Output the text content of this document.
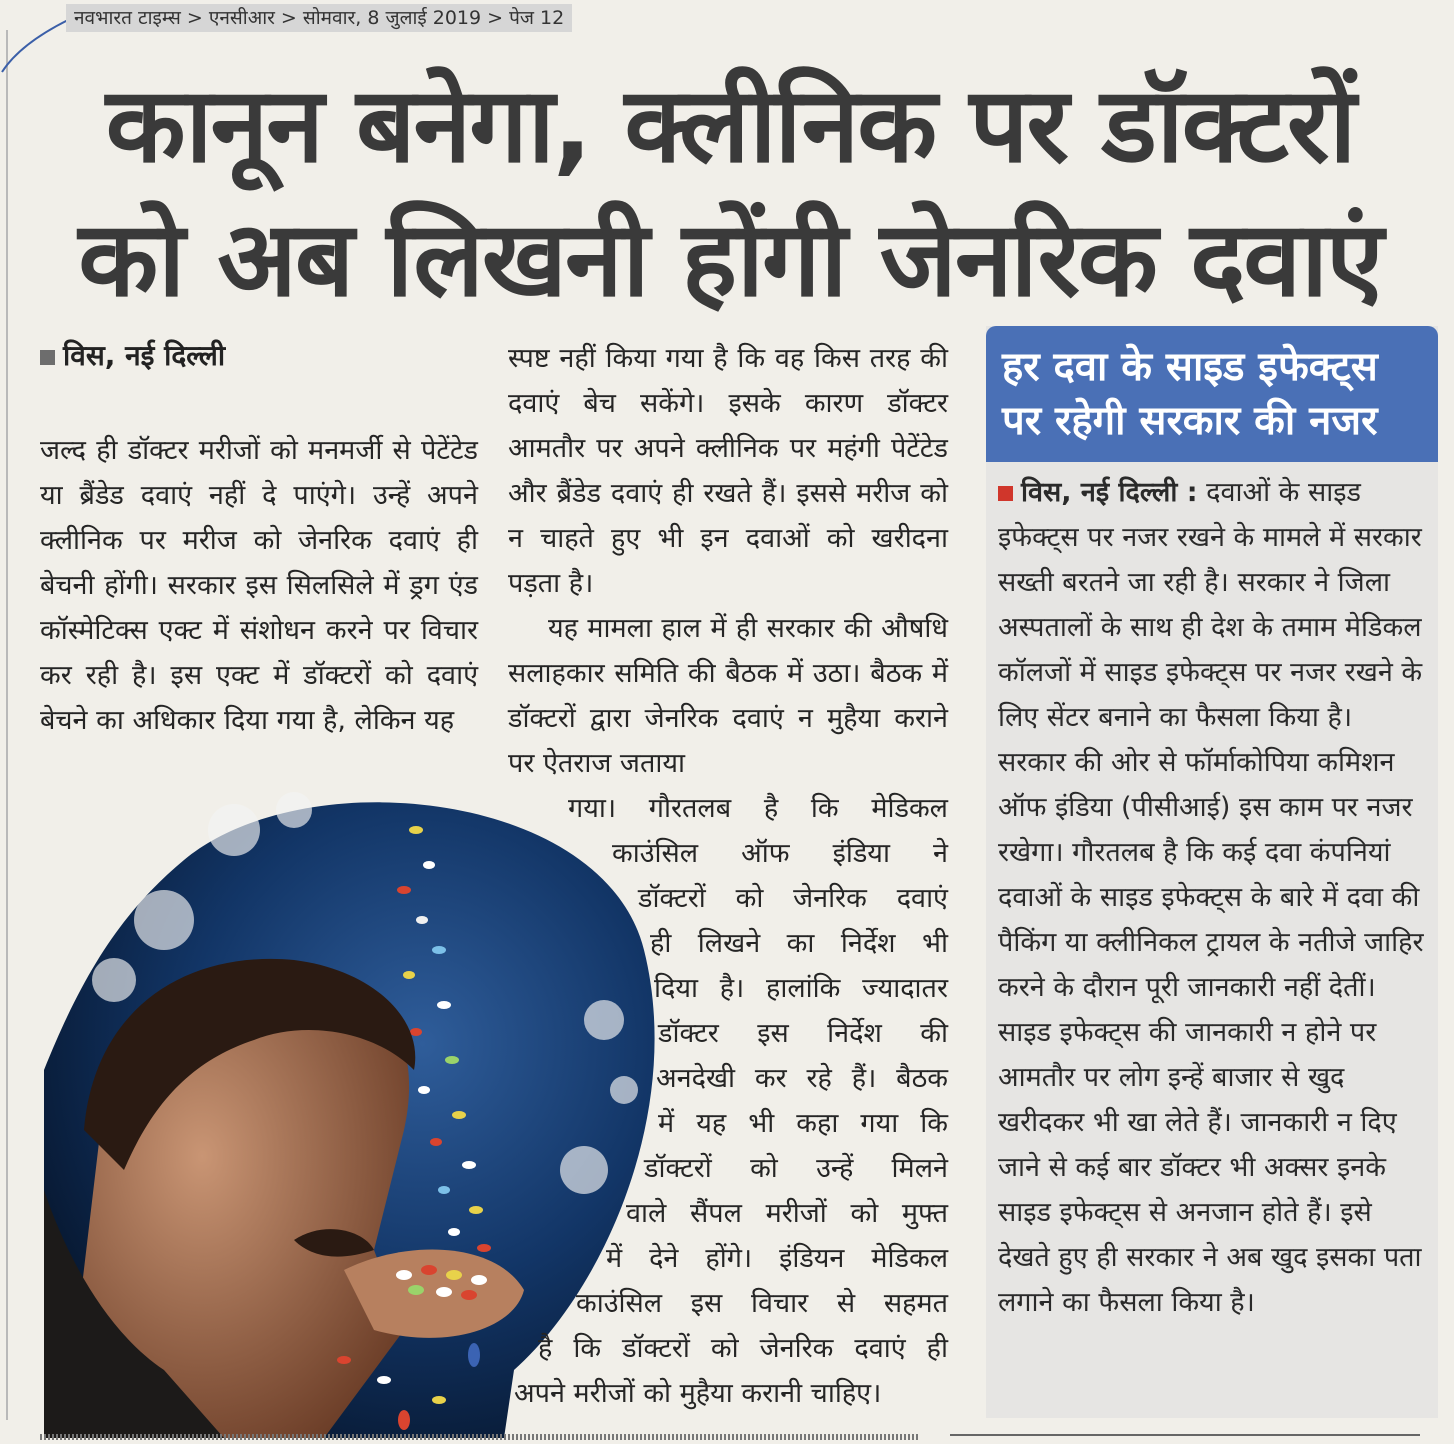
नवभारत टाइम्स > एनसीआर > सोमवार, 8 जुलाई 2019 > पेज 12
कानून बनेगा, क्लीनिक पर डॉक्टरों
को अब लिखनी होंगी जेनरिक दवाएं
विस, नई दिल्ली

जल्द ही डॉक्टर मरीजों को मनमर्जी से पेटेंटेड या ब्रैंडेड दवाएं नहीं दे पाएंगे। उन्हें अपने क्लीनिक पर मरीज को जेनरिक दवाएं ही बेचनी होंगी। सरकार इस सिलसिले में ड्रग एंड कॉस्मेटिक्स एक्ट में संशोधन करने पर विचार कर रही है। इस एक्ट में डॉक्टरों को दवाएं बेचने का अधिकार दिया गया है, लेकिन यह

स्पष्ट नहीं किया गया है कि वह किस तरह की दवाएं बेच सकेंगे। इसके कारण डॉक्टर आमतौर पर अपने क्लीनिक पर महंगी पेटेंटेड और ब्रैंडेड दवाएं ही रखते हैं। इससे मरीज को न चाहते हुए भी इन दवाओं को खरीदना पड़ता है।

यह मामला हाल में ही सरकार की औषधि सलाहकार समिति की बैठक में उठा। बैठक में डॉक्टरों द्वारा जेनरिक दवाएं न मुहैया कराने पर ऐतराज जताया

गया। गौरतलब है कि मेडिकल
काउंसिल ऑफ इंडिया ने
डॉक्टरों को जेनरिक दवाएं
ही लिखने का निर्देश भी
दिया है। हालांकि ज्यादातर
डॉक्टर इस निर्देश की
अनदेखी कर रहे हैं। बैठक
में यह भी कहा गया कि
डॉक्टरों को उन्हें मिलने
वाले सैंपल मरीजों को मुफ्त
में देने होंगे। इंडियन मेडिकल
काउंसिल इस विचार से सहमत
है कि डॉक्टरों को जेनरिक दवाएं ही
अपने मरीजों को मुहैया करानी चाहिए।
हर दवा के साइड इफेक्ट्स पर रहेगी सरकार की नजर
विस, नई दिल्ली : दवाओं के साइड इफेक्ट्स पर नजर रखने के मामले में सरकार सख्ती बरतने जा रही है। सरकार ने जिला अस्पतालों के साथ ही देश के तमाम मेडिकल कॉलजों में साइड इफेक्ट्स पर नजर रखने के लिए सेंटर बनाने का फैसला किया है। सरकार की ओर से फॉर्माकोपिया कमिशन ऑफ इंडिया (पीसीआई) इस काम पर नजर रखेगा। गौरतलब है कि कई दवा कंपनियां दवाओं के साइड इफेक्ट्स के बारे में दवा की पैकिंग या क्लीनिकल ट्रायल के नतीजे जाहिर करने के दौरान पूरी जानकारी नहीं देतीं। साइड इफेक्ट्स की जानकारी न होने पर आमतौर पर लोग इन्हें बाजार से खुद खरीदकर भी खा लेते हैं। जानकारी न दिए जाने से कई बार डॉक्टर भी अक्सर इनके साइड इफेक्ट्स से अनजान होते हैं। इसे देखते हुए ही सरकार ने अब खुद इसका पता लगाने का फैसला किया है।
